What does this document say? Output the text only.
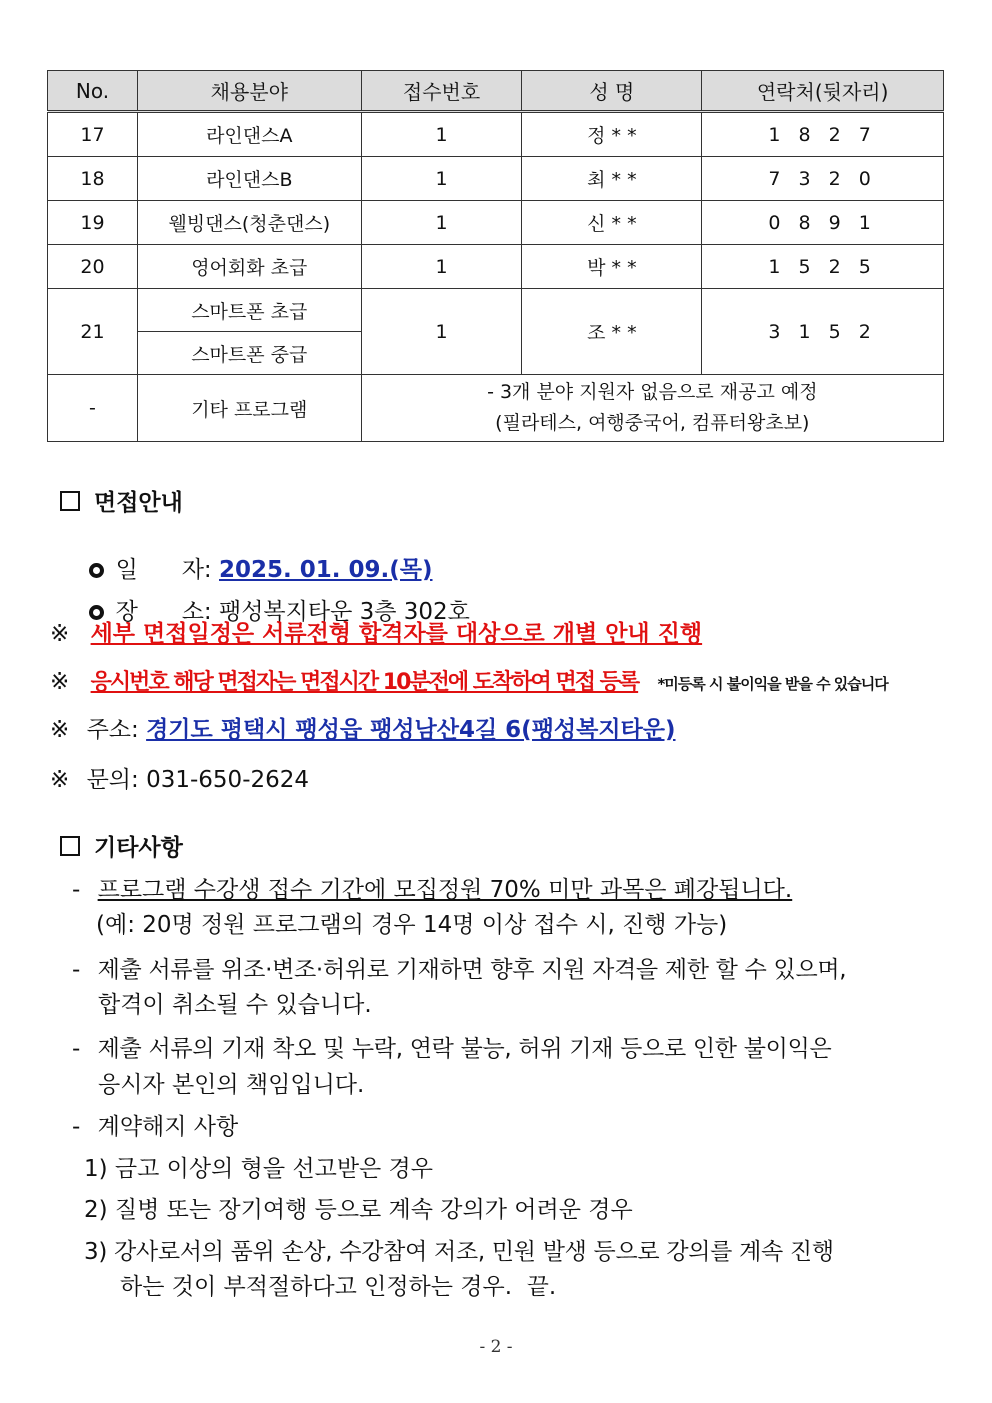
No.	채용분야	접수번호	성 명	연락처(뒷자리)
17	라인댄스A	1	정 * *	1 8 2 7
18	라인댄스B	1	최 * *	7 3 2 0
19	웰빙댄스(청춘댄스)	1	신 * *	0 8 9 1
20	영어회화 초급	1	박 * *	1 5 2 5
21	스마트폰 초급	1	조 * *	3 1 5 2
	스마트폰 중급			
-	기타 프로그램	- 3개 분야 지원자 없음으로 재공고 예정
(필라테스, 여행중국어, 컴퓨터왕초보)		
면접안내

일      자: 2025. 01. 09.(목)

장      소: 팽성복지타운 3층 302호

※ 세부 면접일정은 서류전형 합격자를 대상으로 개별 안내 진행
※ 응시번호 해당 면접자는 면접시간 10분전에 도착하여 면접 등록 *미등록 시 불이익을 받을 수 있습니다
※ 주소: 경기도 평택시 팽성읍 팽성남산4길 6(팽성복지타운)
※ 문의: 031-650-2624
기타사항
- 프로그램 수강생 접수 기간에 모집정원 70% 미만 과목은 폐강됩니다.
(예: 20명 정원 프로그램의 경우 14명 이상 접수 시, 진행 가능)
- 제출 서류를 위조·변조·허위로 기재하면 향후 지원 자격을 제한 할 수 있으며,
합격이 취소될 수 있습니다.
- 제출 서류의 기재 착오 및 누락, 연락 불능, 허위 기재 등으로 인한 불이익은
응시자 본인의 책임입니다.
- 계약해지 사항
1) 금고 이상의 형을 선고받은 경우
2) 질병 또는 장기여행 등으로 계속 강의가 어려운 경우
3) 강사로서의 품위 손상, 수강참여 저조, 민원 발생 등으로 강의를 계속 진행
하는 것이 부적절하다고 인정하는 경우.  끝.
- 2 -
